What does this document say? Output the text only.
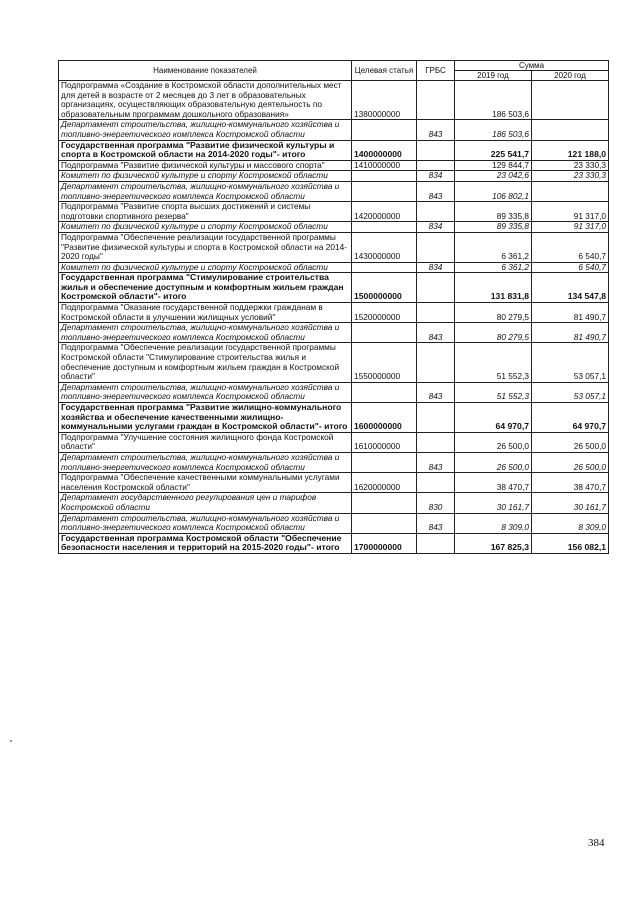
Наименование показателей	Целевая статья	ГРБС	Сумма	
			2019 год	2020 год
Подпрограмма «Создание в Костромской области дополнительных мест для детей в возрасте от 2 месяцев до 3 лет в образовательных организациях, осуществляющих образовательную деятельность по образовательным программам дошкольного образования»	1380000000		186 503,6	
Департамент строительства, жилищно-коммунального хозяйства и топливно-энергетического комплекса Костромской области		843	186 503,6	
Государственная программа "Развитие физической культуры и спорта в Костромской области на 2014-2020 годы"- итого	1400000000		225 541,7	121 188,0
Подпрограмма "Развитие физической культуры и массового спорта"	1410000000		129 844,7	23 330,3
Комитет по физической культуре и спорту Костромской области		834	23 042,6	23 330,3
Департамент строительства, жилищно-коммунального хозяйства и топливно-энергетического комплекса Костромской области		843	106 802,1	
Подпрограмма "Развитие спорта высших достижений и системы подготовки спортивного резерва"	1420000000		89 335,8	91 317,0
Комитет по физической культуре и спорту Костромской области		834	89 335,8	91 317,0
Подпрограмма "Обеспечение реализации государственной программы "Развитие физической культуры и спорта в Костромской области на 2014-2020 годы"	1430000000		6 361,2	6 540,7
Комитет по физической культуре и спорту Костромской области		834	6 361,2	6 540,7
Государственная программа "Стимулирование строительства жилья и обеспечение доступным и комфортным жильем граждан Костромской области"- итого	1500000000		131 831,8	134 547,8
Подпрограмма "Оказание государственной поддержки гражданам в Костромской области в улучшении жилищных условий"	1520000000		80 279,5	81 490,7
Департамент строительства, жилищно-коммунального хозяйства и топливно-энергетического комплекса Костромской области		843	80 279,5	81 490,7
Подпрограмма "Обеспечение реализации государственной программы Костромской области "Стимулирование строительства жилья и обеспечение доступным и комфортным жильем граждан в Костромской области"	1550000000		51 552,3	53 057,1
Департамент строительства, жилищно-коммунального хозяйства и топливно-энергетического комплекса Костромской области		843	51 552,3	53 057,1
Государственная программа "Развитие жилищно-коммунального хозяйства и обеспечение качественными жилищно-коммунальными услугами граждан в Костромской области"- итого	1600000000		64 970,7	64 970,7
Подпрограмма "Улучшение состояния жилищного фонда Костромской области"	1610000000		26 500,0	26 500,0
Департамент строительства, жилищно-коммунального хозяйства и топливно-энергетического комплекса Костромской области		843	26 500,0	26 500,0
Подпрограмма "Обеспечение качественными коммунальными услугами населения Костромской области"	1620000000		38 470,7	38 470,7
Департамент государственного регулирования цен и тарифов Костромской области		830	30 161,7	30 161,7
Департамент строительства, жилищно-коммунального хозяйства и топливно-энергетического комплекса Костромской области		843	8 309,0	8 309,0
Государственная программа Костромской области "Обеспечение безопасности населения и территорий на 2015-2020 годы"- итого	1700000000		167 825,3	156 082,1
384
